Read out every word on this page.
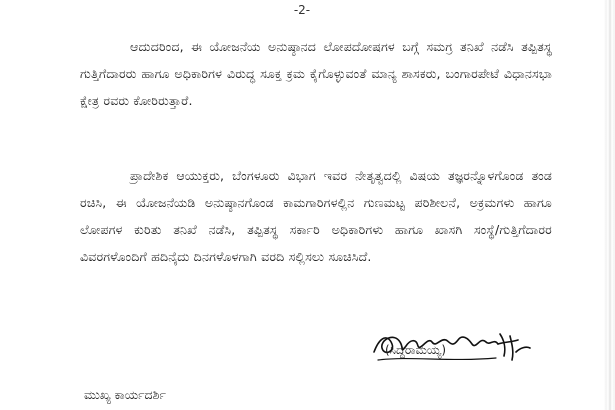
-2-

ಆದುದರಿಂದ, ಈ ಯೋಜನೆಯ ಅನುಷ್ಠಾನದ ಲೋಪದೋಷಗಳ ಬಗ್ಗೆ ಸಮಗ್ರ ತನಿಖೆ ನಡೆಸಿ ತಪ್ಪಿತಸ್ಥ ಗುತ್ತಿಗೆದಾರರು ಹಾಗೂ ಅಧಿಕಾರಿಗಳ ವಿರುದ್ಧ ಸೂಕ್ತ ಕ್ರಮ ಕೈಗೊಳ್ಳುವಂತೆ ಮಾನ್ಯ ಶಾಸಕರು, ಬಂಗಾರಪೇಟೆ ವಿಧಾನಸಭಾ ಕ್ಷೇತ್ರ ರವರು ಕೋರಿರುತ್ತಾರೆ.

ಪ್ರಾದೇಶಿಕ ಆಯುಕ್ತರು, ಬೆಂಗಳೂರು ವಿಭಾಗ ಇವರ ನೇತೃತ್ವದಲ್ಲಿ ವಿಷಯ ತಜ್ಞರನ್ನೊಳಗೊಂಡ ತಂಡ ರಚಿಸಿ, ಈ ಯೋಜನೆಯಡಿ ಅನುಷ್ಠಾನಗೊಂಡ ಕಾಮಗಾರಿಗಳಲ್ಲಿನ ಗುಣಮಟ್ಟ ಪರಿಶೀಲನೆ, ಅಕ್ರಮಗಳು ಹಾಗೂ ಲೋಪಗಳ ಕುರಿತು ತನಿಖೆ ನಡೆಸಿ, ತಪ್ಪಿತಸ್ಥ ಸರ್ಕಾರಿ ಅಧಿಕಾರಿಗಳು ಹಾಗೂ ಖಾಸಗಿ ಸಂಸ್ಥೆ/ಗುತ್ತಿಗೆದಾರರ ವಿವರಗಳೊಂದಿಗೆ ಹದಿನೈದು ದಿನಗಳೊಳಗಾಗಿ ವರದಿ ಸಲ್ಲಿಸಲು ಸೂಚಿಸಿದೆ.

(ಸಿದ್ದರಾಮಯ್ಯ)
ಮುಖ್ಯ ಕಾರ್ಯದರ್ಶಿ
